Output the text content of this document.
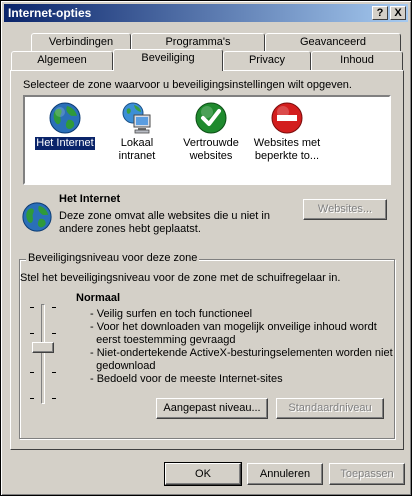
Internet-opties	? X
Verbindingen	Programma's	Geavanceerd
Algemeen	Beveiliging	Privacy	Inhoud
Selecteer de zone waarvoor u beveiligingsinstellingen wilt opgeven.
Het Internet	Lokaal intranet
Vertrouwde
websites
Websites met
beperkte to...
Het Internet
Deze zone omvat alle websites die u niet in
andere zones hebt geplaatst.
Websites...
Beveiligingsniveau voor deze zone
Stel het beveiligingsniveau voor de zone met de schuifregelaar in.
Normaal
- Veilig surfen en toch functioneel
- Voor het downloaden van mogelijk onveilige inhoud wordt
eerst toestemming gevraagd
- Niet-ondertekende ActiveX-besturingselementen worden niet
gedownload
- Bedoeld voor de meeste Internet-sites
Aangepast niveau...	Standaardniveau
OK	Annuleren	Toepassen
